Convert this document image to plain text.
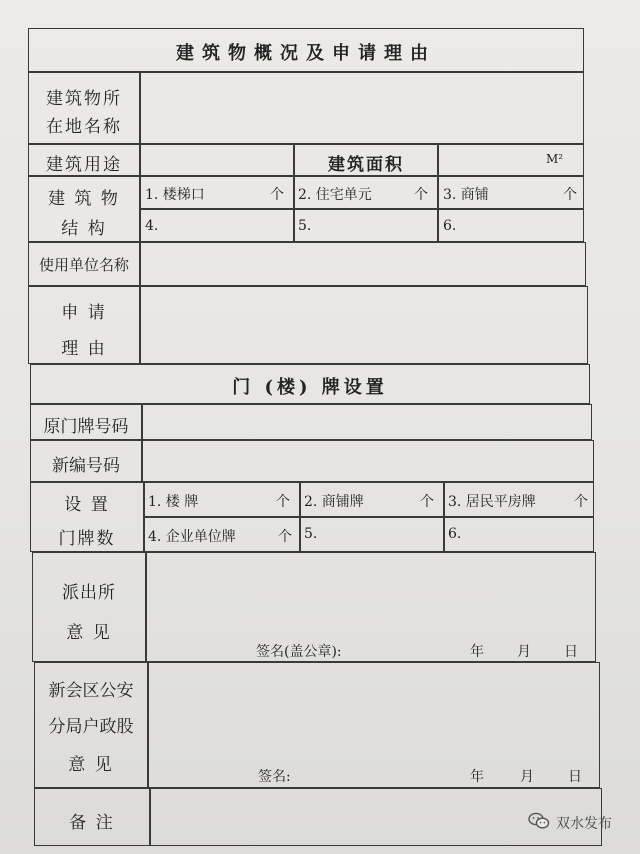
建筑物概况及申请理由
建筑物所
在地名称
建筑用途	建筑面积	M²
建 筑 物
结 构
1. 楼梯口	个 2. 住宅单元	个 3. 商铺	个
4.	5.	6.
使用单位名称
申 请
理 由
门 (楼) 牌设置
原门牌号码
新编号码
设 置
门牌数
1. 楼 牌	个 2. 商铺牌	个 3. 居民平房牌	个
4. 企业单位牌	个 5.	6.
派出所
意 见
签名(盖公章):	年 月 日
新会区公安
分局户政股
意 见
签名:	年	月 日
备 注	双水发布
